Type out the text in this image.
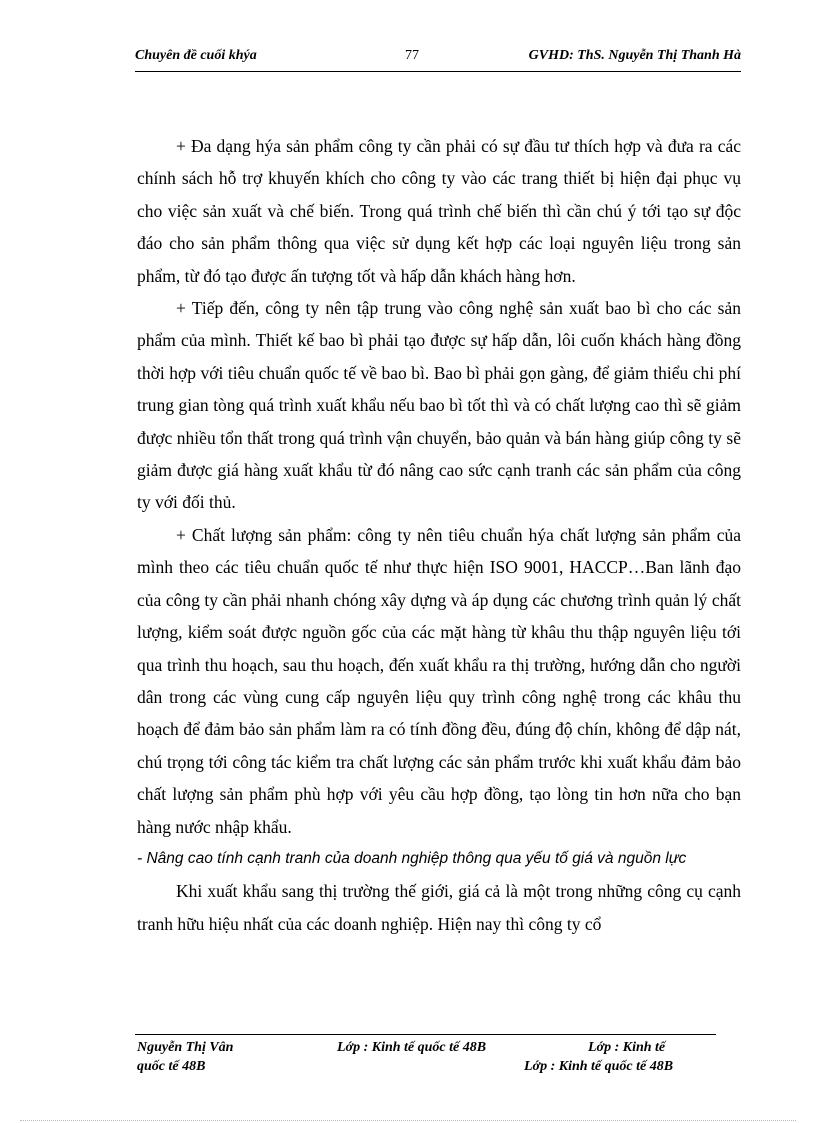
Chuyên đề cuối khýa	77	GVHD: ThS. Nguyễn Thị Thanh Hà

+ Đa dạng hýa sản phẩm công ty cần phải có sự đầu tư thích hợp và đưa ra các chính sách hỗ trợ khuyến khích cho công ty vào các trang thiết bị hiện đại phục vụ cho việc sản xuất và chế biến. Trong quá trình chế biến thì cần chú ý tới tạo sự độc đáo cho sản phẩm thông qua việc sử dụng kết hợp các loại nguyên liệu trong sản phẩm, từ đó tạo được ấn tượng tốt và hấp dẫn khách hàng hơn.

+ Tiếp đến, công ty nên tập trung vào công nghệ sản xuất bao bì cho các sản phẩm của mình. Thiết kế bao bì phải tạo được sự hấp dẫn, lôi cuốn khách hàng đồng thời hợp với tiêu chuẩn quốc tế về bao bì. Bao bì phải gọn gàng, để giảm thiểu chi phí trung gian tòng quá trình xuất khẩu nếu bao bì tốt thì và có chất lượng cao thì sẽ giảm được nhiều tổn thất trong quá trình vận chuyển, bảo quản và bán hàng giúp công ty sẽ giảm được giá hàng xuất khẩu từ đó nâng cao sức cạnh tranh các sản phẩm của công ty với đối thủ.

+ Chất lượng sản phẩm: công ty nên tiêu chuẩn hýa chất lượng sản phẩm của mình theo các tiêu chuẩn quốc tế như thực hiện ISO 9001, HACCP…Ban lãnh đạo của công ty cần phải nhanh chóng xây dựng và áp dụng các chương trình quản lý chất lượng, kiểm soát được nguồn gốc của các mặt hàng từ khâu thu thập nguyên liệu tới qua trình thu hoạch, sau thu hoạch, đến xuất khẩu ra thị trường, hướng dẫn cho người dân trong các vùng cung cấp nguyên liệu quy trình công nghệ trong các khâu thu hoạch để đảm bảo sản phẩm làm ra có tính đồng đều, đúng độ chín, không để dập nát, chú trọng tới công tác kiểm tra chất lượng các sản phẩm trước khi xuất khẩu đảm bảo chất lượng sản phẩm phù hợp với yêu cầu hợp đồng, tạo lòng tin hơn nữa cho bạn hàng nước nhập khẩu.

- Nâng cao tính cạnh tranh của doanh nghiệp thông qua yếu tố giá và nguồn lực

Khi xuất khẩu sang thị trường thế giới, giá cả là một trong những công cụ cạnh tranh hữu hiệu nhất của các doanh nghiệp. Hiện nay thì công ty cổ

Nguyễn Thị Vân
quốc tế 48B
Lớp : Kinh tế quốc tế 48B	Lớp : Kinh tế
Lớp : Kinh tế quốc tế 48B
